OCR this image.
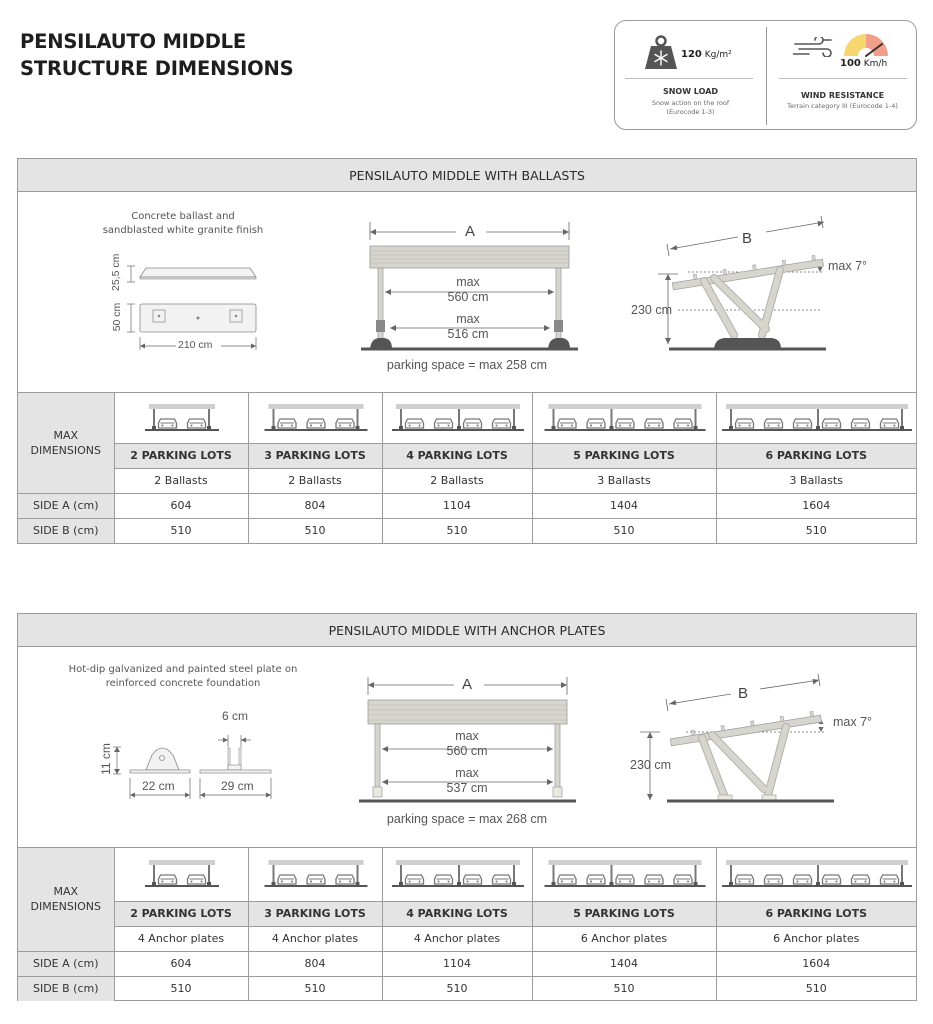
PENSILAUTO MIDDLE
STRUCTURE DIMENSIONS
120 Kg/m²
SNOW LOAD
Snow action on the roof
(Eurocode 1-3)
100 Km/h
WIND RESISTANCE
Terrain category III (Eurocode 1-4)
PENSILAUTO MIDDLE WITH BALLASTS
Concrete ballast and
sandblasted white granite finish
25,5 cm
50 cm
210 cm
A
max
560 cm
max
516 cm
parking space = max 258 cm
B
max 7°
230 cm
MAX
DIMENSIONS

	2 PARKING LOTS	3 PARKING LOTS	4 PARKING LOTS	5 PARKING LOTS	6 PARKING LOTS
	2 Ballasts	2 Ballasts	2 Ballasts	3 Ballasts	3 Ballasts
SIDE A (cm)	604	804	1104	1404	1604
SIDE B (cm)	510	510	510	510	510
PENSILAUTO MIDDLE WITH ANCHOR PLATES
Hot-dip galvanized and painted steel plate on
reinforced concrete foundation
6 cm
11 cm
22 cm	29 cm
A
max
560 cm
max
537 cm
parking space = max 268 cm
B
max 7°
230 cm
MAX
DIMENSIONS

	2 PARKING LOTS	3 PARKING LOTS	4 PARKING LOTS	5 PARKING LOTS	6 PARKING LOTS
	4 Anchor plates	4 Anchor plates	4 Anchor plates	6 Anchor plates	6 Anchor plates
SIDE A (cm)	604	804	1104	1404	1604
SIDE B (cm)	510	510	510	510	510
